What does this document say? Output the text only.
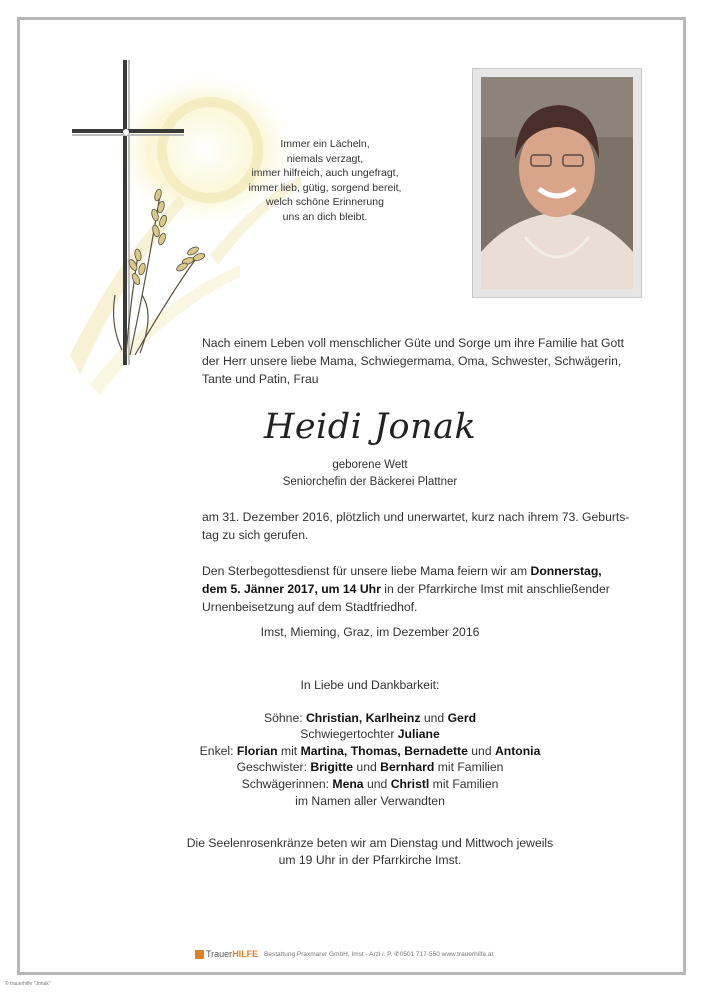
Immer ein Lächeln,
niemals verzagt,
immer hilfreich, auch ungefragt,
immer lieb, gütig, sorgend bereit,
welch schöne Erinnerung
uns an dich bleibt.
Nach einem Leben voll menschlicher Güte und Sorge um ihre Familie hat Gott
der Herr unsere liebe Mama, Schwiegermama, Oma, Schwester, Schwägerin,
Tante und Patin, Frau
Heidi Jonak
geborene Wett
Seniorchefin der Bäckerei Plattner
am 31. Dezember 2016, plötzlich und unerwartet, kurz nach ihrem 73. Geburts-
tag zu sich gerufen.
Den Sterbegottesdienst für unsere liebe Mama feiern wir am Donnerstag,
dem 5. Jänner 2017, um 14 Uhr in der Pfarrkirche Imst mit anschließender
Urnenbeisetzung auf dem Stadtfriedhof.
Imst, Mieming, Graz, im Dezember 2016
In Liebe und Dankbarkeit:
Söhne: Christian, Karlheinz und Gerd
Schwiegertochter Juliane
Enkel: Florian mit Martina, Thomas, Bernadette und Antonia
Geschwister: Brigitte und Bernhard mit Familien
Schwägerinnen: Mena und Christl mit Familien
im Namen aller Verwandten
Die Seelenrosenkränze beten wir am Dienstag und Mittwoch jeweils
um 19 Uhr in der Pfarrkirche Imst.
TrauerHILFE Bestattung Praxmarer GmbH, Imst - Arzl i. P. ✆0501 717-550 www.trauerhilfe.at
© trauerhilfe "Jonak"
